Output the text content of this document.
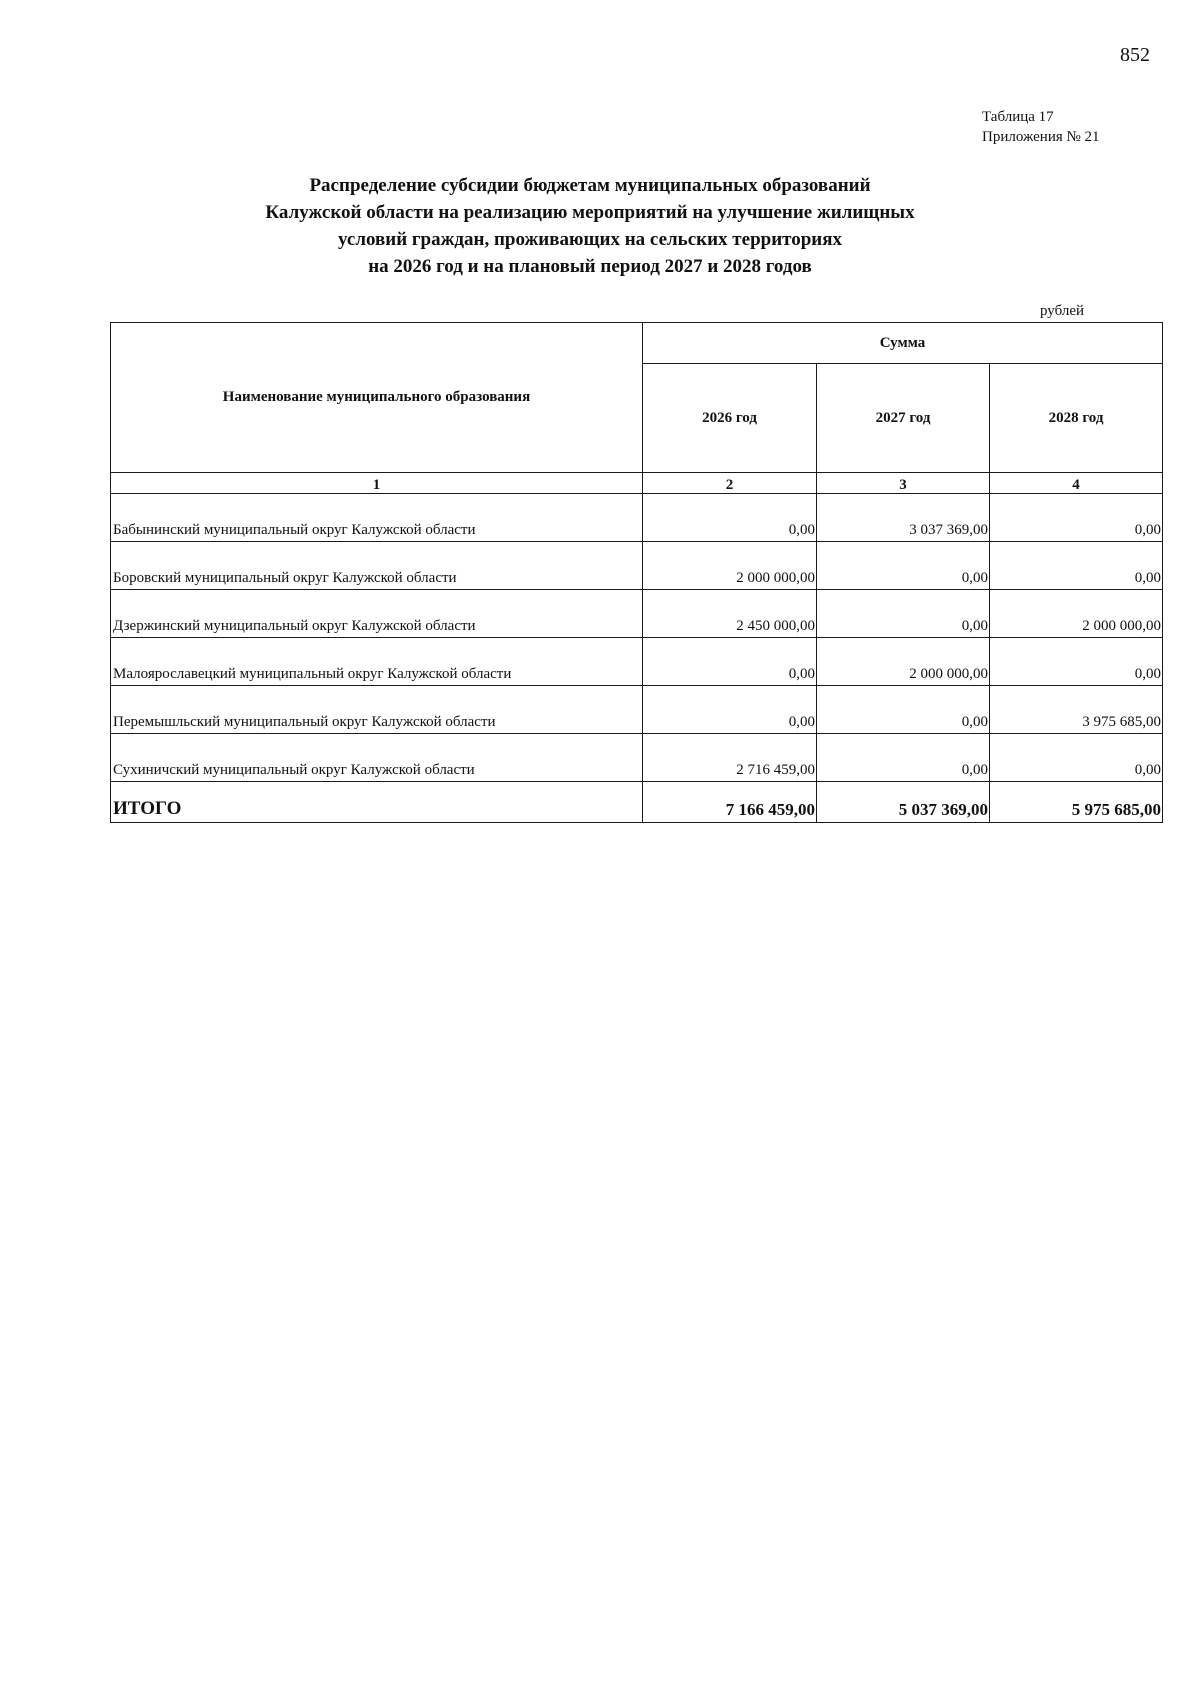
852
Таблица 17
Приложения № 21
Распределение субсидии бюджетам муниципальных образований
Калужской области на реализацию мероприятий на улучшение жилищных
условий граждан, проживающих на сельских территориях
на 2026 год и на плановый период 2027 и 2028 годов
рублей
Наименование муниципального образования	Сумма		
	2026 год	2027 год	2028 год
1	2	3	4
Бабынинский муниципальный округ Калужской области	0,00	3 037 369,00	0,00
Боровский муниципальный округ Калужской области	2 000 000,00	0,00	0,00
Дзержинский муниципальный округ Калужской области	2 450 000,00	0,00	2 000 000,00
Малоярославецкий муниципальный округ Калужской области	0,00	2 000 000,00	0,00
Перемышльский муниципальный округ Калужской области	0,00	0,00	3 975 685,00
Сухиничский муниципальный округ Калужской области	2 716 459,00	0,00	0,00
ИТОГО	7 166 459,00	5 037 369,00	5 975 685,00
